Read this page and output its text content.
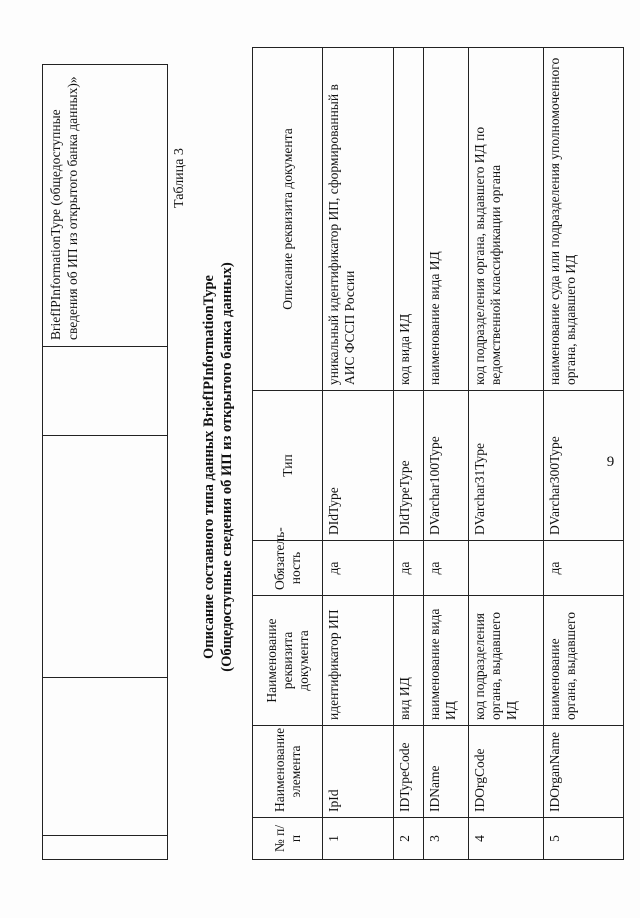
9
				BriefIPInformationType (общедоступные сведения об ИП из открытого банка данных)»	Таблица 3
Описание составного типа данных BriefIPInformationType (Общедоступные сведения об ИП из открытого банка данных)
№ п/п	Наименование элемента	Наименование реквизита документа	Обязатель-ность	Тип	Описание реквизита документа
1	IpId	идентификатор ИП	да	DIdType	уникальный идентификатор ИП, сформированный в АИС ФССП России
2	IDTypeCode	вид ИД	да	DIdTypeType	код вида ИД
3	IDName	наименование вида ИД	да	DVarchar100Type	наименование вида ИД
4	IDOrgCode	код подразделения органа, выдавшего ИД		DVarchar31Type	код подразделения органа, выдавшего ИД по ведомственной классификации органа
5	IDOrganName	наименование органа, выдавшего	да	DVarchar300Type	наименование суда или подразделения уполномоченного органа, выдавшего ИД
